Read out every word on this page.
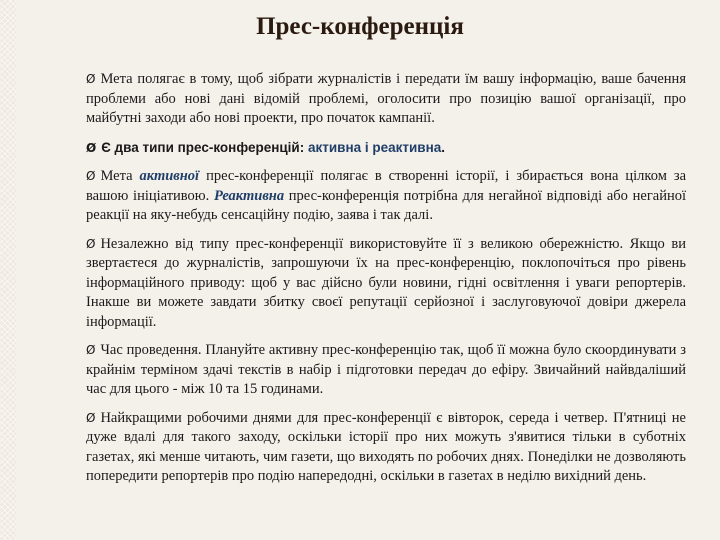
Прес-конференція

Ø Мета полягає в тому, щоб зібрати журналістів і передати їм вашу інформацію, ваше бачення проблеми або нові дані відомій проблемі, оголосити про позицію вашої організації, про майбутні заходи або нові проекти, про початок кампанії.

Ø Є два типи прес-конференцій: активна і реактивна.

Ø Мета активної прес-конференції полягає в створенні історії, і збирається вона цілком за вашою ініціативою. Реактивна прес-конференція потрібна для негайної відповіді або негайної реакції на яку-небудь сенсаційну подію, заява і так далі.

Ø Незалежно від типу прес-конференції використовуйте її з великою обережністю. Якщо ви звертаєтеся до журналістів, запрошуючи їх на прес-конференцію, поклопочіться про рівень інформаційного приводу: щоб у вас дійсно були новини, гідні освітлення і уваги репортерів. Інакше ви можете завдати збитку своєї репутації серйозної і заслуговуючої довіри джерела інформації.

Ø Час проведення. Плануйте активну прес-конференцію так, щоб її можна було скоординувати з крайнім терміном здачі текстів в набір і підготовки передач до ефіру. Звичайний найвдаліший час для цього - між 10 та 15 годинами.

Ø Найкращими робочими днями для прес-конференції є вівторок, середа і четвер. П'ятниці не дуже вдалі для такого заходу, оскільки історії про них можуть з'явитися тільки в суботніх газетах, які менше читають, чим газети, що виходять по робочих днях. Понеділки не дозволяють попередити репортерів про подію напередодні, оскільки в газетах в неділю вихідний день.
